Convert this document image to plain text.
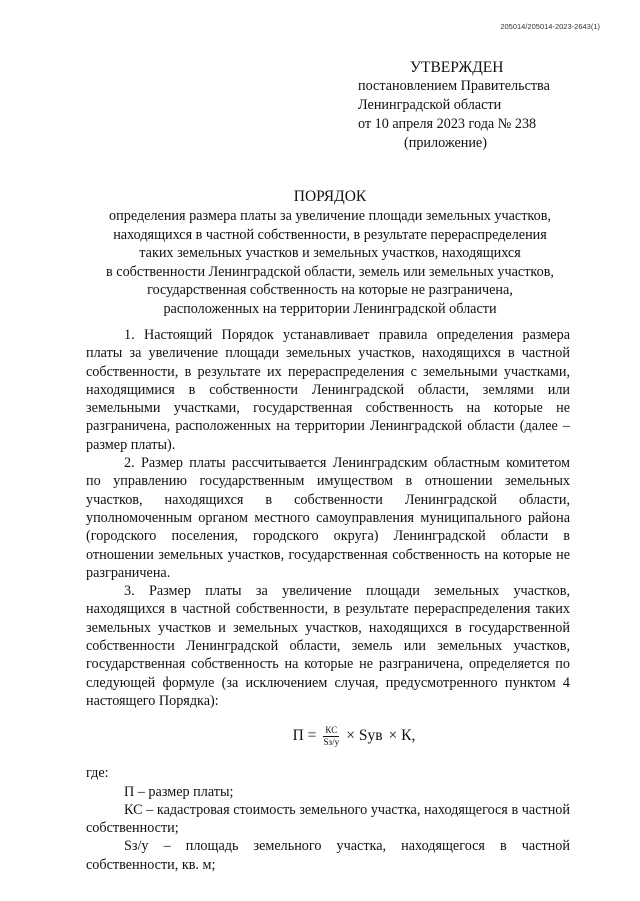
205014/205014-2023-2643(1)
УТВЕРЖДЕН
постановлением Правительства
Ленинградской области
от 10 апреля 2023 года № 238
(приложение)
ПОРЯДОК
определения размера платы за увеличение площади земельных участков,
находящихся в частной собственности, в результате перераспределения
таких земельных участков и земельных участков, находящихся
в собственности Ленинградской области, земель или земельных участков,
государственная собственность на которые не разграничена,
расположенных на территории Ленинградской области

1. Настоящий Порядок устанавливает правила определения размера платы за увеличение площади земельных участков, находящихся в частной собственности, в результате их перераспределения с земельными участками, находящимися в собственности Ленинградской области, землями или земельными участками, государственная собственность на которые не разграничена, расположенных на территории Ленинградской области (далее – размер платы).

2. Размер платы рассчитывается Ленинградским областным комитетом по управлению государственным имуществом в отношении земельных участков, находящихся в собственности Ленинградской области, уполномоченным органом местного самоуправления муниципального района (городского поселения, городского округа) Ленинградской области в отношении земельных участков, государственная собственность на которые не разграничена.

3. Размер платы за увеличение площади земельных участков, находящихся в частной собственности, в результате перераспределения таких земельных участков и земельных участков, находящихся в государственной собственности Ленинградской области, земель или земельных участков, государственная собственность на которые не разграничена, определяется по следующей формуле (за исключением случая, предусмотренного пунктом 4 настоящего Порядка):

$П = \frac{КС}{Sз/у}$ × Sув × К,

где:

П – размер платы;

КС – кадастровая стоимость земельного участка, находящегося в частной собственности;

Sз/у – площадь земельного участка, находящегося в частной собственности, кв. м;
